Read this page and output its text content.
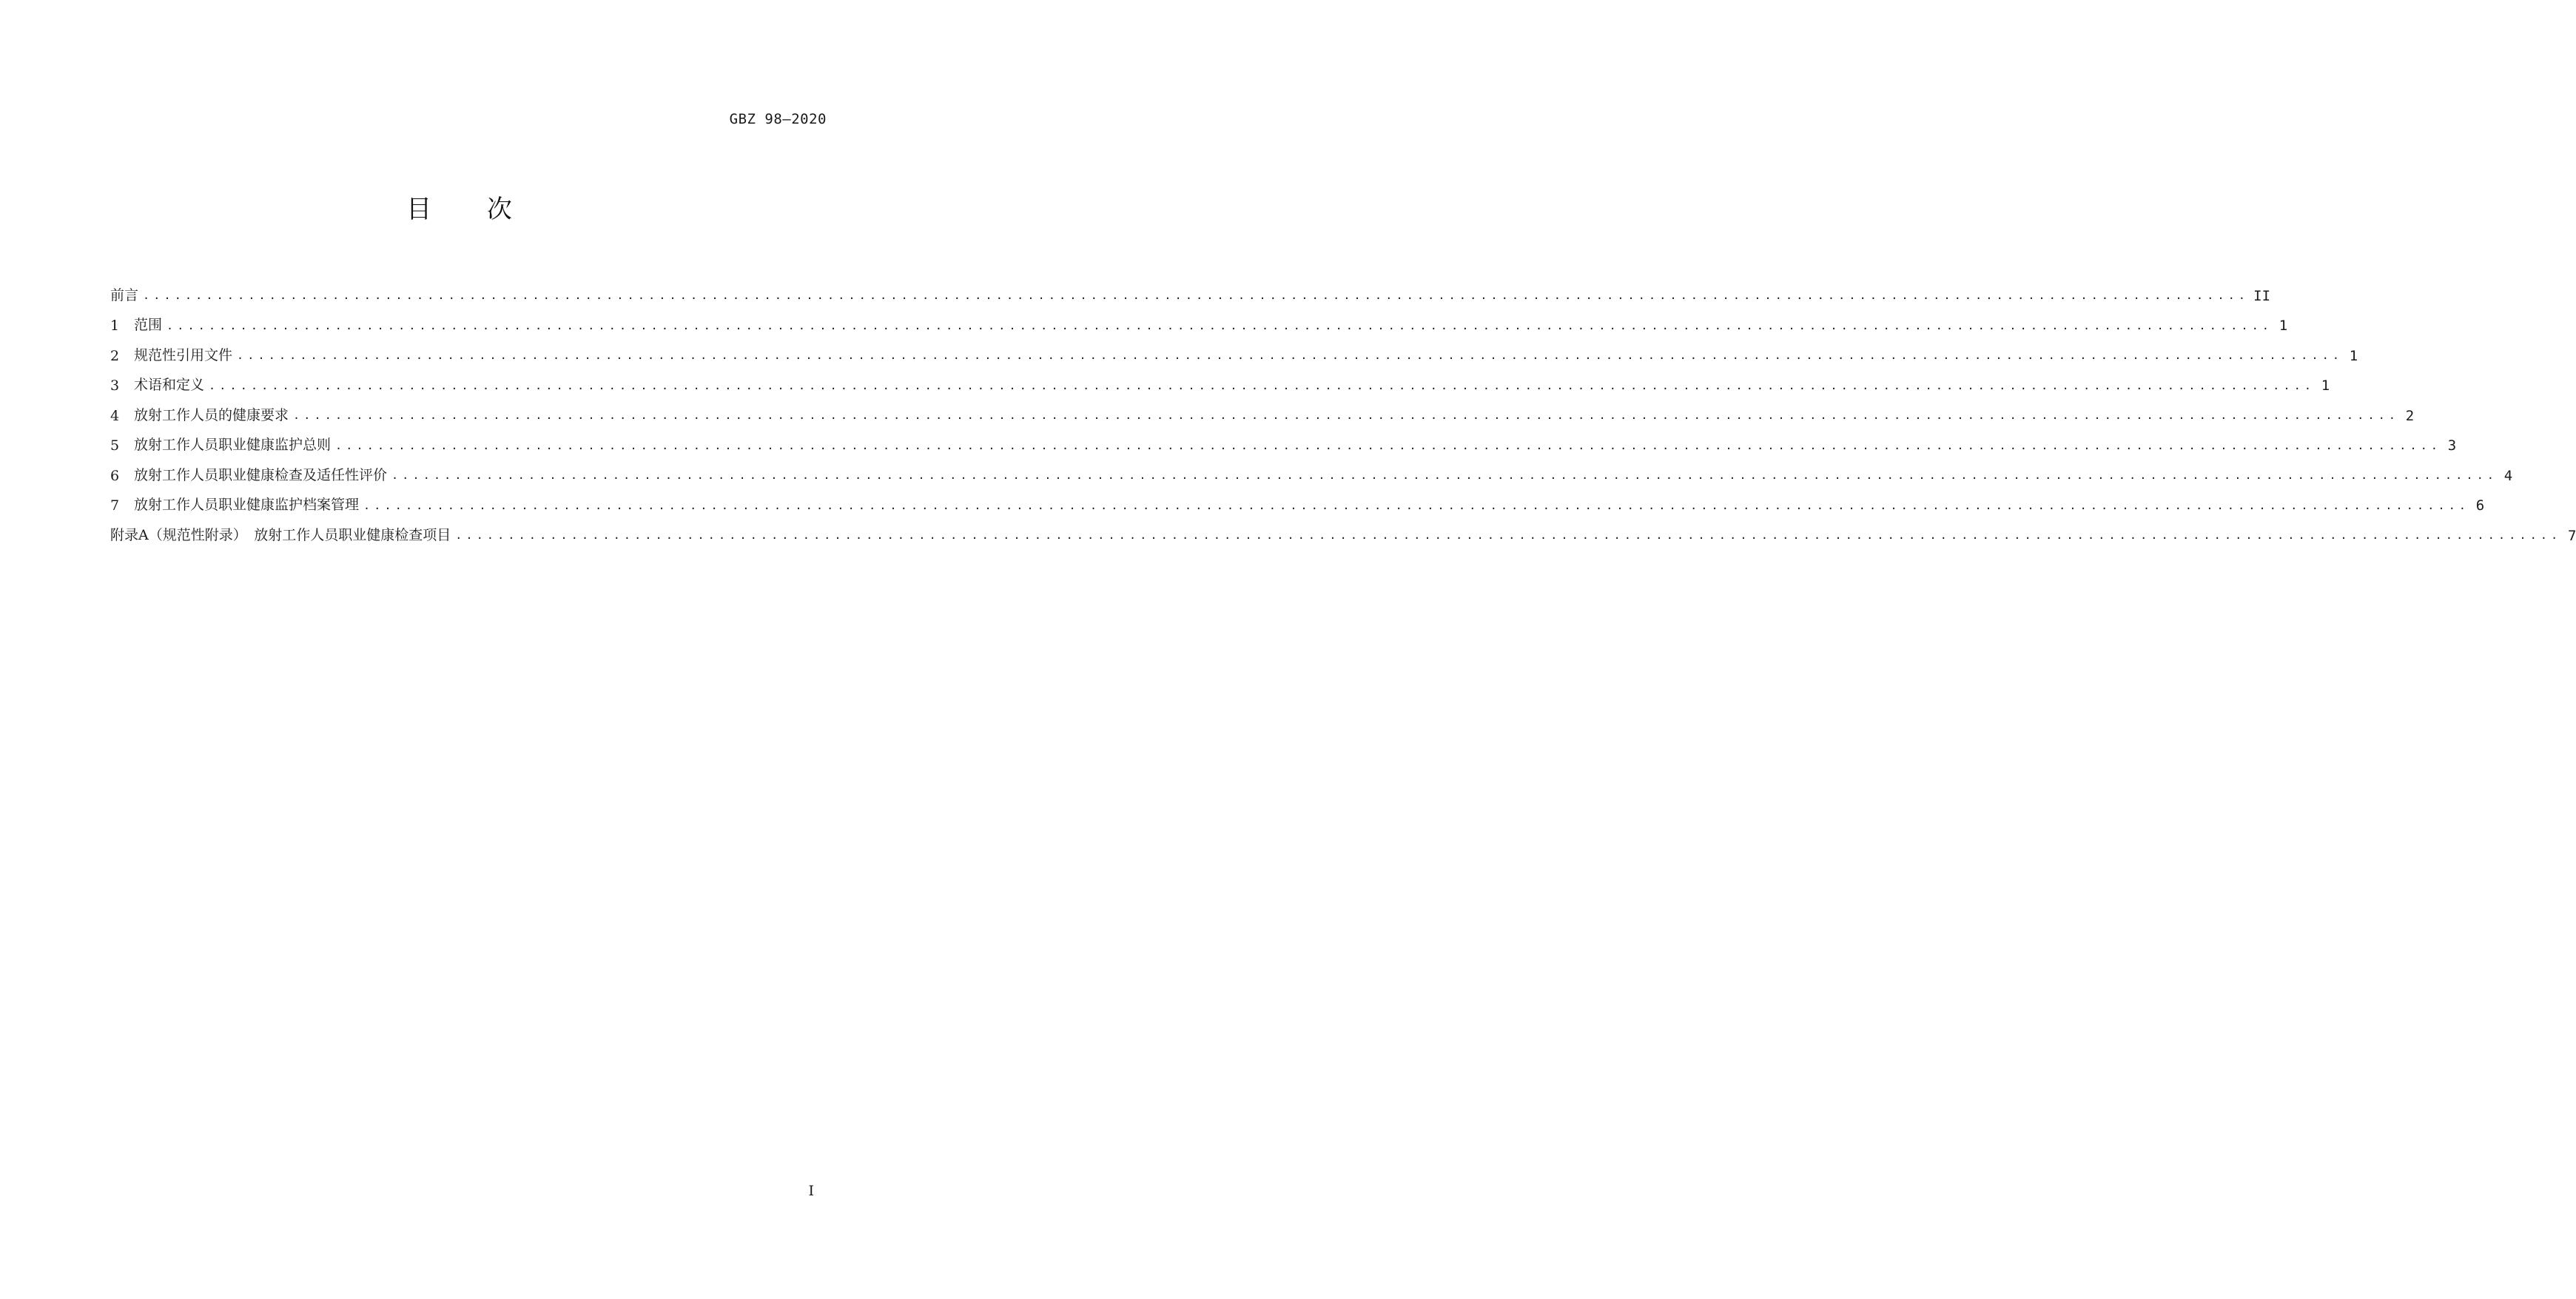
GBZ 98—2020
目 次
前言 ........................................................................................................................................................................................................ II
1	范围 ........................................................................................................................................................................................................ 1
2	规范性引用文件 ........................................................................................................................................................................................................ 1
3	术语和定义 ........................................................................................................................................................................................................ 1
4	放射工作人员的健康要求 ........................................................................................................................................................................................................ 2
5	放射工作人员职业健康监护总则 ........................................................................................................................................................................................................ 3
6	放射工作人员职业健康检查及适任性评价 ........................................................................................................................................................................................................ 4
7	放射工作人员职业健康监护档案管理 ........................................................................................................................................................................................................ 6
附录A（规范性附录）　放射工作人员职业健康检查项目 ........................................................................................................................................................................................................ 7
I
